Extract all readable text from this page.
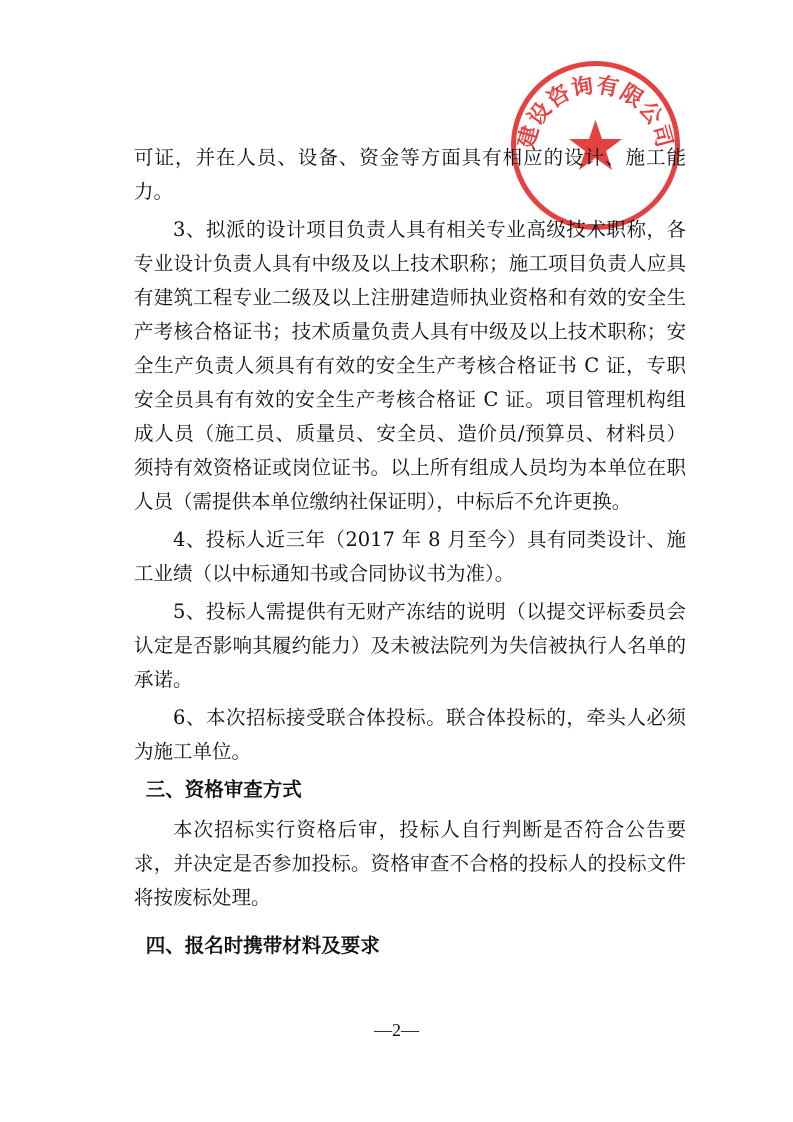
建设咨询有限公司

可证，并在人员、设备、资金等方面具有相应的设计、施工能力。

3、拟派的设计项目负责人具有相关专业高级技术职称，各专业设计负责人具有中级及以上技术职称；施工项目负责人应具有建筑工程专业二级及以上注册建造师执业资格和有效的安全生产考核合格证书；技术质量负责人具有中级及以上技术职称；安全生产负责人须具有有效的安全生产考核合格证书 C 证，专职安全员具有有效的安全生产考核合格证 C 证。项目管理机构组成人员（施工员、质量员、安全员、造价员/预算员、材料员）须持有效资格证或岗位证书。以上所有组成人员均为本单位在职人员（需提供本单位缴纳社保证明），中标后不允许更换。

4、投标人近三年（2017 年 8 月至今）具有同类设计、施工业绩（以中标通知书或合同协议书为准）。

5、投标人需提供有无财产冻结的说明（以提交评标委员会认定是否影响其履约能力）及未被法院列为失信被执行人名单的承诺。

6、本次招标接受联合体投标。联合体投标的，牵头人必须为施工单位。

三、资格审查方式

本次招标实行资格后审，投标人自行判断是否符合公告要求，并决定是否参加投标。资格审查不合格的投标人的投标文件将按废标处理。

四、报名时携带材料及要求
—2—
